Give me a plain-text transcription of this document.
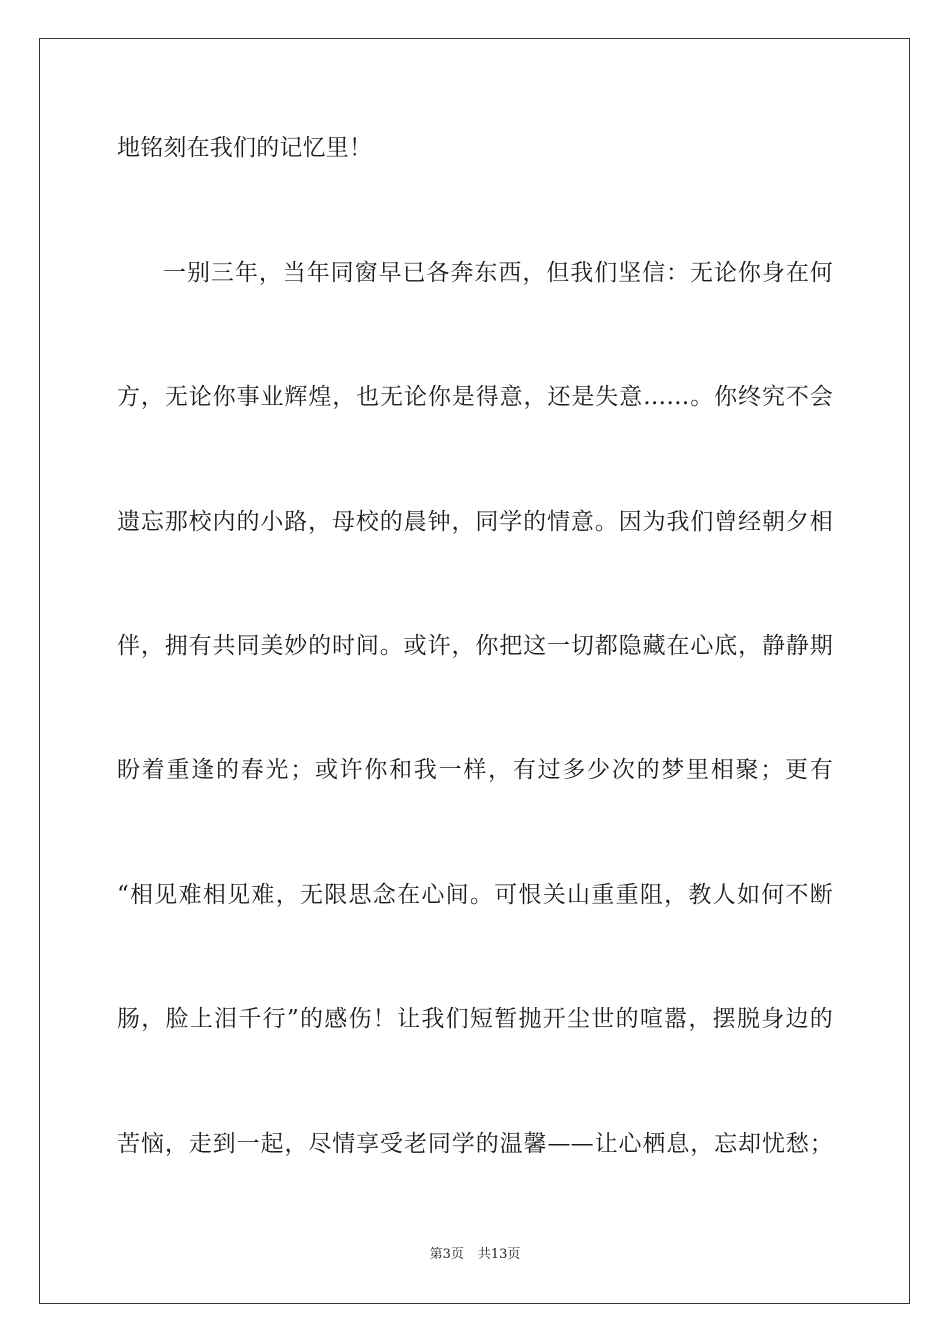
地铭刻在我们的记忆里！
一别三年，当年同窗早已各奔东西，但我们坚信：无论你身在何
方，无论你事业辉煌，也无论你是得意，还是失意……。你终究不会
遗忘那校内的小路，母校的晨钟，同学的情意。因为我们曾经朝夕相
伴，拥有共同美妙的时间。或许，你把这一切都隐藏在心底，静静期
盼着重逢的春光；或许你和我一样，有过多少次的梦里相聚；更有
“相见难相见难，无限思念在心间。可恨关山重重阻，教人如何不断
肠，脸上泪千行”的感伤！让我们短暂抛开尘世的喧嚣，摆脱身边的
苦恼，走到一起，尽情享受老同学的温馨——让心栖息，忘却忧愁；
第3页 共13页
